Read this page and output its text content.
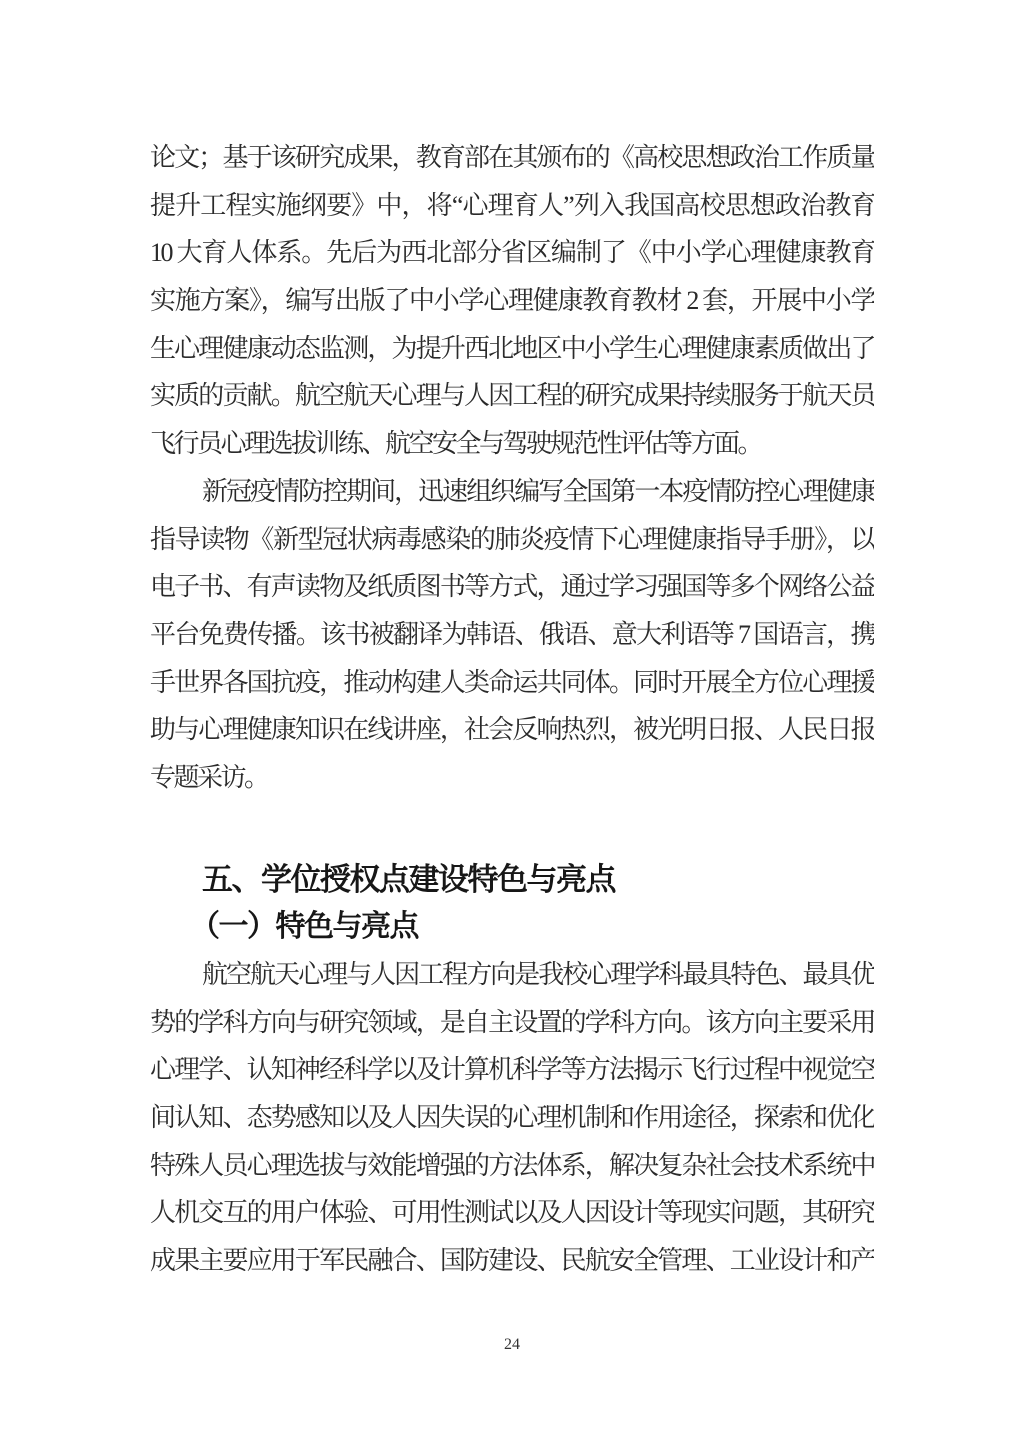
论文；基于该研究成果，教育部在其颁布的《高校思想政治工作质量
提升工程实施纲要》中，将“心理育人”列入我国高校思想政治教育
10 大育人体系。先后为西北部分省区编制了《中小学心理健康教育
实施方案》，编写出版了中小学心理健康教育教材 2 套，开展中小学
生心理健康动态监测，为提升西北地区中小学生心理健康素质做出了
实质的贡献。航空航天心理与人因工程的研究成果持续服务于航天员
飞行员心理选拔训练、航空安全与驾驶规范性评估等方面。
新冠疫情防控期间，迅速组织编写全国第一本疫情防控心理健康
指导读物《新型冠状病毒感染的肺炎疫情下心理健康指导手册》，以
电子书、有声读物及纸质图书等方式，通过学习强国等多个网络公益
平台免费传播。该书被翻译为韩语、俄语、意大利语等 7 国语言，携
手世界各国抗疫，推动构建人类命运共同体。同时开展全方位心理援
助与心理健康知识在线讲座，社会反响热烈，被光明日报、人民日报
专题采访。
五、学位授权点建设特色与亮点
（一）特色与亮点
航空航天心理与人因工程方向是我校心理学科最具特色、最具优
势的学科方向与研究领域，是自主设置的学科方向。该方向主要采用
心理学、认知神经科学以及计算机科学等方法揭示飞行过程中视觉空
间认知、态势感知以及人因失误的心理机制和作用途径，探索和优化
特殊人员心理选拔与效能增强的方法体系，解决复杂社会技术系统中
人机交互的用户体验、可用性测试以及人因设计等现实问题，其研究
成果主要应用于军民融合、国防建设、民航安全管理、工业设计和产
24
